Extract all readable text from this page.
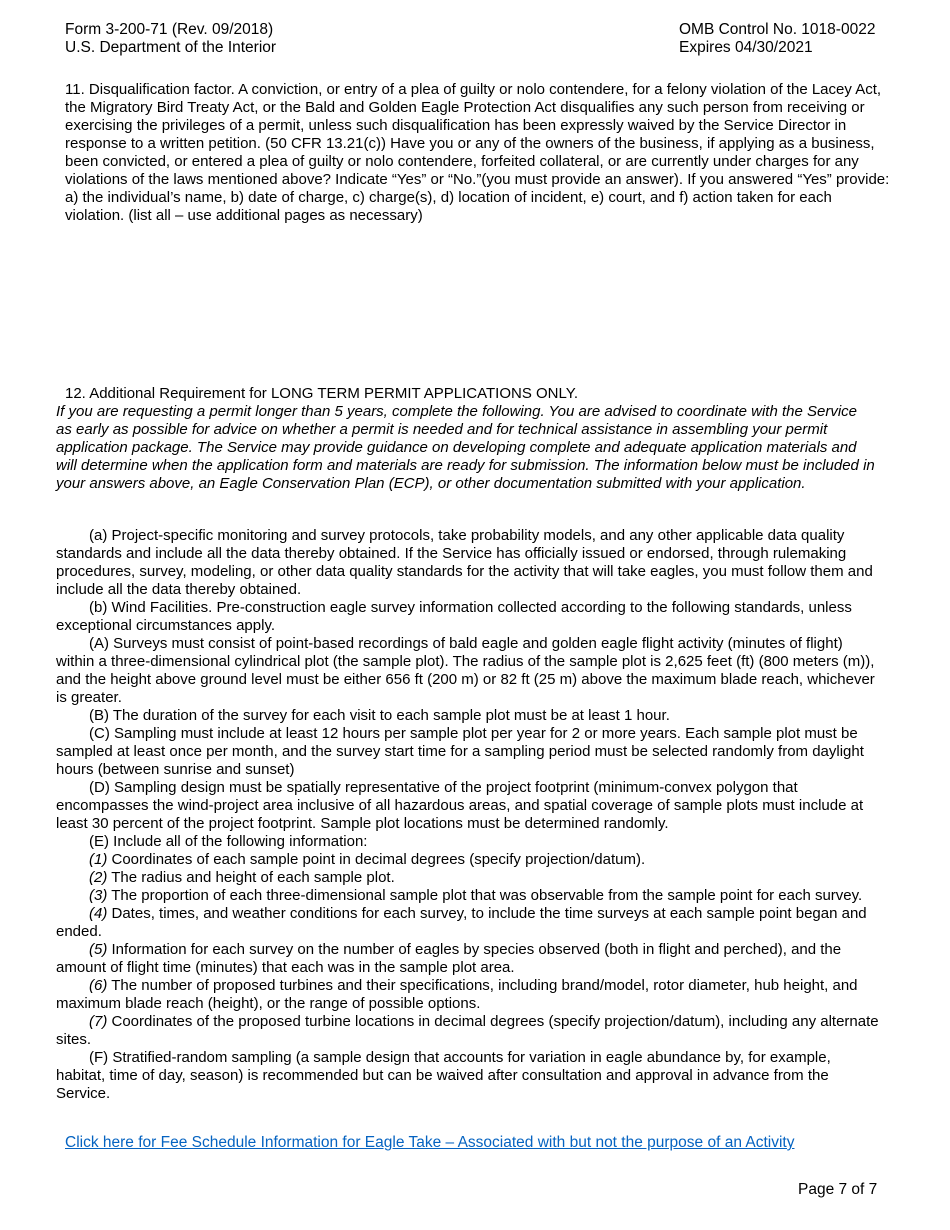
Form 3-200-71 (Rev. 09/2018)
U.S. Department of the Interior
OMB Control No. 1018-0022
Expires 04/30/2021
11. Disqualification factor. A conviction, or entry of a plea of guilty or nolo contendere, for a felony violation of the Lacey Act, the Migratory Bird Treaty Act, or the Bald and Golden Eagle Protection Act disqualifies any such person from receiving or exercising the privileges of a permit, unless such disqualification has been expressly waived by the Service Director in response to a written petition. (50 CFR 13.21(c)) Have you or any of the owners of the business, if applying as a business, been convicted, or entered a plea of guilty or nolo contendere, forfeited collateral, or are currently under charges for any violations of the laws mentioned above? Indicate “Yes” or “No.”(you must provide an answer). If you answered “Yes” provide: a) the individual’s name, b) date of charge, c) charge(s), d) location of incident, e) court, and f) action taken for each violation. (list all – use additional pages as necessary)
12. Additional Requirement for LONG TERM PERMIT APPLICATIONS ONLY.
If you are requesting a permit longer than 5 years, complete the following. You are advised to coordinate with the Service as early as possible for advice on whether a permit is needed and for technical assistance in assembling your permit application package. The Service may provide guidance on developing complete and adequate application materials and will determine when the application form and materials are ready for submission. The information below must be included in your answers above, an Eagle Conservation Plan (ECP), or other documentation submitted with your application.

(a) Project-specific monitoring and survey protocols, take probability models, and any other applicable data quality standards and include all the data thereby obtained. If the Service has officially issued or endorsed, through rulemaking procedures, survey, modeling, or other data quality standards for the activity that will take eagles, you must follow them and include all the data thereby obtained.

(b) Wind Facilities. Pre-construction eagle survey information collected according to the following standards, unless exceptional circumstances apply.

(A) Surveys must consist of point-based recordings of bald eagle and golden eagle flight activity (minutes of flight) within a three-dimensional cylindrical plot (the sample plot). The radius of the sample plot is 2,625 feet (ft) (800 meters (m)), and the height above ground level must be either 656 ft (200 m) or 82 ft (25 m) above the maximum blade reach, whichever is greater.

(B) The duration of the survey for each visit to each sample plot must be at least 1 hour.

(C) Sampling must include at least 12 hours per sample plot per year for 2 or more years. Each sample plot must be sampled at least once per month, and the survey start time for a sampling period must be selected randomly from daylight hours (between sunrise and sunset)

(D) Sampling design must be spatially representative of the project footprint (minimum-convex polygon that encompasses the wind-project area inclusive of all hazardous areas, and spatial coverage of sample plots must include at least 30 percent of the project footprint. Sample plot locations must be determined randomly.

(E) Include all of the following information:

(1) Coordinates of each sample point in decimal degrees (specify projection/datum).

(2) The radius and height of each sample plot.

(3) The proportion of each three-dimensional sample plot that was observable from the sample point for each survey.

(4) Dates, times, and weather conditions for each survey, to include the time surveys at each sample point began and ended.

(5) Information for each survey on the number of eagles by species observed (both in flight and perched), and the amount of flight time (minutes) that each was in the sample plot area.

(6) The number of proposed turbines and their specifications, including brand/model, rotor diameter, hub height, and maximum blade reach (height), or the range of possible options.

(7) Coordinates of the proposed turbine locations in decimal degrees (specify projection/datum), including any alternate sites.

(F) Stratified-random sampling (a sample design that accounts for variation in eagle abundance by, for example, habitat, time of day, season) is recommended but can be waived after consultation and approval in advance from the Service.

Click here for Fee Schedule Information for Eagle Take – Associated with but not the purpose of an Activity
Page 7 of 7
